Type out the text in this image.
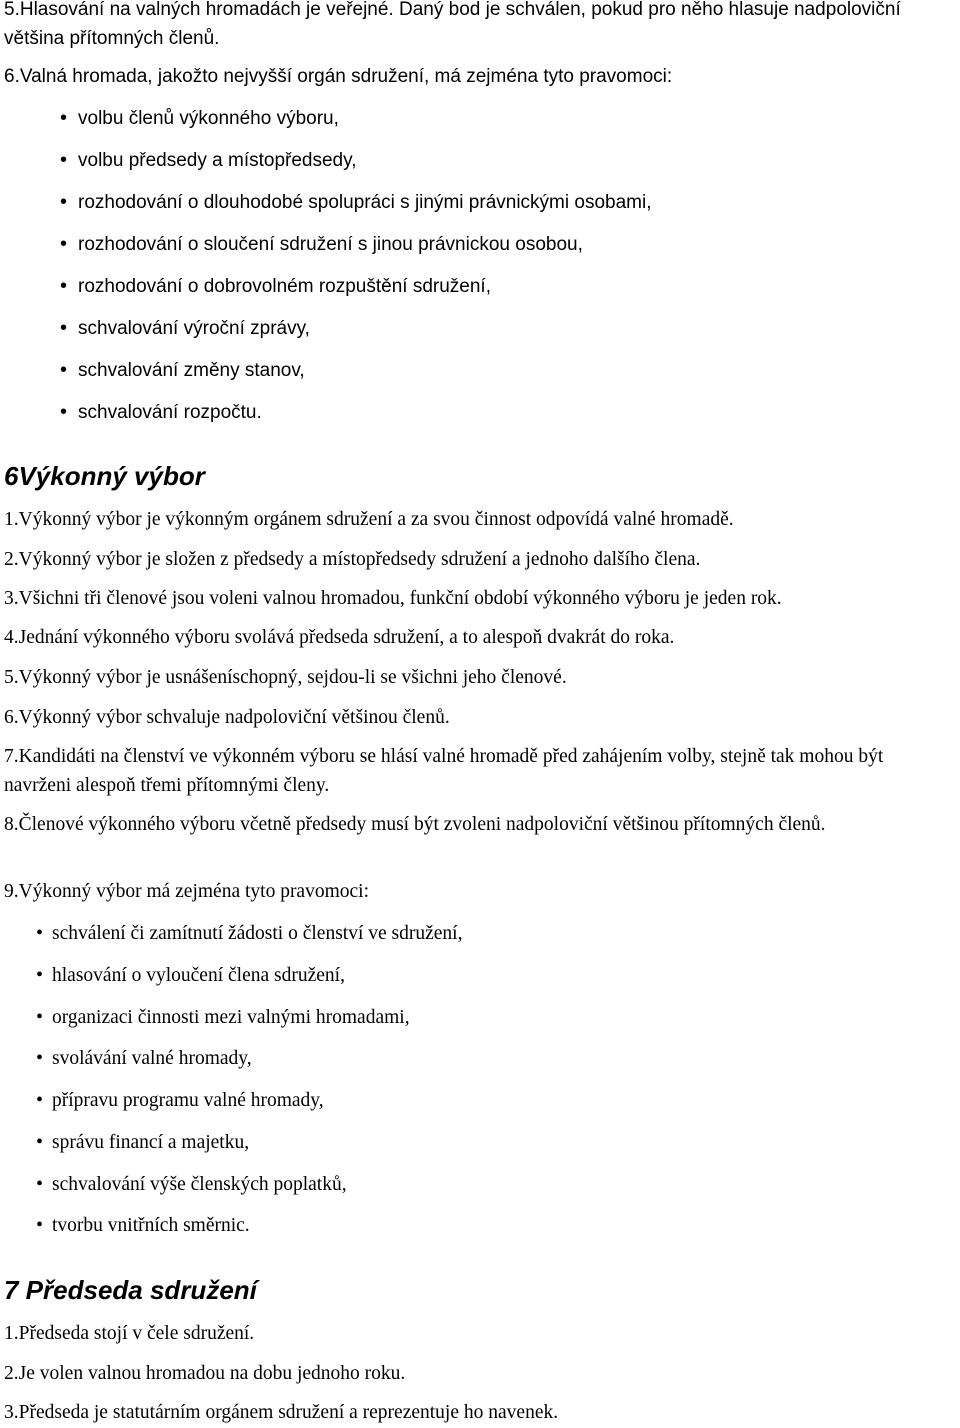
5.Hlasování na valných hromadách je veřejné. Daný bod je schválen, pokud pro něho hlasuje nadpoloviční většina přítomných členů.
6.Valná hromada, jakožto nejvyšší orgán sdružení, má zejména tyto pravomoci:
• volbu členů výkonného výboru,
• volbu předsedy a místopředsedy,
• rozhodování o dlouhodobé spolupráci s jinými právnickými osobami,
• rozhodování o sloučení sdružení s jinou právnickou osobou,
• rozhodování o dobrovolném rozpuštění sdružení,
• schvalování výroční zprávy,
• schvalování změny stanov,
• schvalování rozpočtu.
6Výkonný výbor
1.Výkonný výbor je výkonným orgánem sdružení a za svou činnost odpovídá valné hromadě.
2.Výkonný výbor je složen z předsedy a místopředsedy sdružení a jednoho dalšího člena.
3.Všichni tři členové jsou voleni valnou hromadou, funkční období výkonného výboru je jeden rok.
4.Jednání výkonného výboru svolává předseda sdružení, a to alespoň dvakrát do roka.
5.Výkonný výbor je usnášeníschopný, sejdou-li se všichni jeho členové.
6.Výkonný výbor schvaluje nadpoloviční většinou členů.
7.Kandidáti na členství ve výkonném výboru se hlásí valné hromadě před zahájením volby, stejně tak mohou být navrženi alespoň třemi přítomnými členy.
8.Členové výkonného výboru včetně předsedy musí být zvoleni nadpoloviční většinou přítomných členů.
9.Výkonný výbor má zejména tyto pravomoci:
• schválení či zamítnutí žádosti o členství ve sdružení,
• hlasování o vyloučení člena sdružení,
• organizaci činnosti mezi valnými hromadami,
• svolávání valné hromady,
• přípravu programu valné hromady,
• správu financí a majetku,
• schvalování výše členských poplatků,
• tvorbu vnitřních směrnic.
7 Předseda sdružení
1.Předseda stojí v čele sdružení.
2.Je volen valnou hromadou na dobu jednoho roku.
3.Předseda je statutárním orgánem sdružení a reprezentuje ho navenek.
